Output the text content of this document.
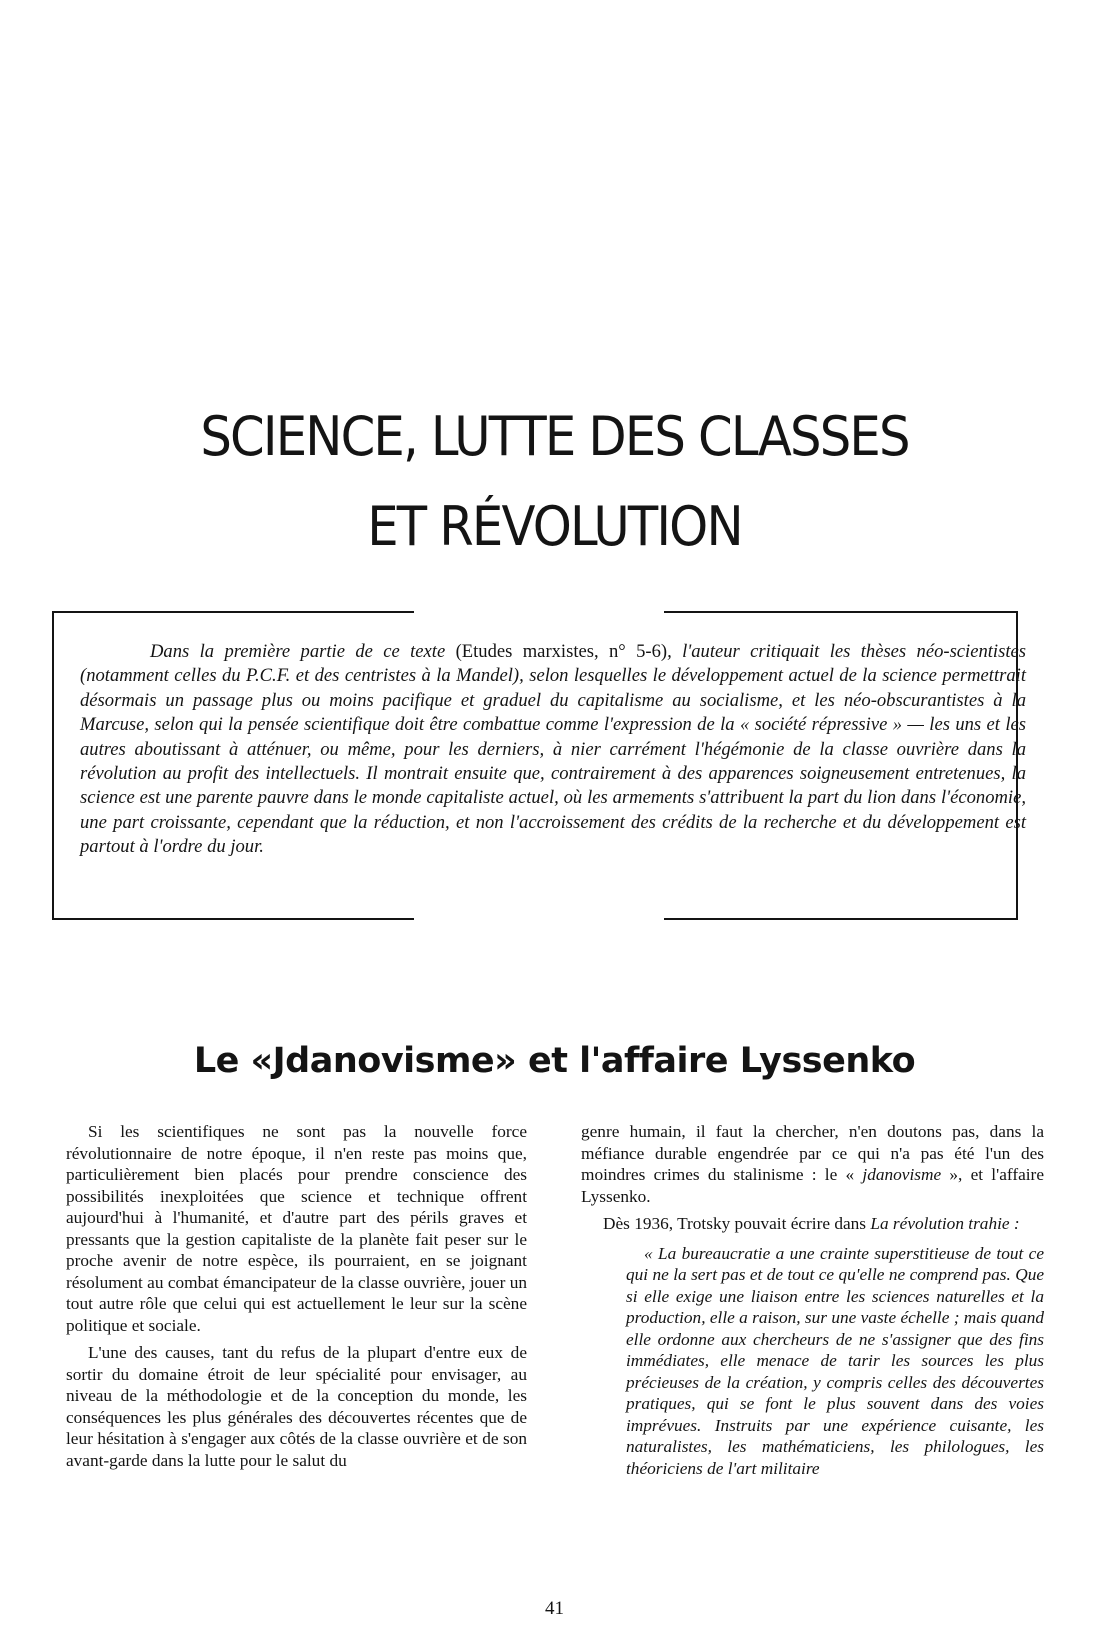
SCIENCE, LUTTE DES CLASSES
ET RÉVOLUTION

Dans la première partie de ce texte (Etudes marxistes, n° 5-6), l'auteur critiquait les thèses néo-scientistes (notamment celles du P.C.F. et des centristes à la Mandel), selon lesquelles le développement actuel de la science permettrait désormais un passage plus ou moins pacifique et graduel du capitalisme au socialisme, et les néo-obscurantistes à la Marcuse, selon qui la pensée scientifique doit être combattue comme l'expression de la « société répressive » — les uns et les autres aboutissant à atténuer, ou même, pour les derniers, à nier carrément l'hégémonie de la classe ouvrière dans la révolution au profit des intellectuels. Il montrait ensuite que, contrairement à des apparences soigneusement entretenues, la science est une parente pauvre dans le monde capitaliste actuel, où les armements s'attribuent la part du lion dans l'économie, une part croissante, cependant que la réduction, et non l'accroissement des crédits de la recherche et du développement est partout à l'ordre du jour.

Le «Jdanovisme» et l'affaire Lyssenko

Si les scientifiques ne sont pas la nouvelle force révolutionnaire de notre époque, il n'en reste pas moins que, particulièrement bien placés pour prendre conscience des possibilités inexploitées que science et technique offrent aujourd'hui à l'humanité, et d'autre part des périls graves et pressants que la gestion capitaliste de la planète fait peser sur le proche avenir de notre espèce, ils pourraient, en se joignant résolument au combat émancipateur de la classe ouvrière, jouer un tout autre rôle que celui qui est actuellement le leur sur la scène politique et sociale.

L'une des causes, tant du refus de la plupart d'entre eux de sortir du domaine étroit de leur spécialité pour envisager, au niveau de la méthodologie et de la conception du monde, les conséquences les plus générales des découvertes récentes que de leur hésitation à s'engager aux côtés de la classe ouvrière et de son avant-garde dans la lutte pour le salut du

genre humain, il faut la chercher, n'en doutons pas, dans la méfiance durable engendrée par ce qui n'a pas été l'un des moindres crimes du stalinisme : le « jdanovisme », et l'affaire Lyssenko.

Dès 1936, Trotsky pouvait écrire dans La révolution trahie :

« La bureaucratie a une crainte superstitieuse de tout ce qui ne la sert pas et de tout ce qu'elle ne comprend pas. Que si elle exige une liaison entre les sciences naturelles et la production, elle a raison, sur une vaste échelle ; mais quand elle ordonne aux chercheurs de ne s'assigner que des fins immédiates, elle menace de tarir les sources les plus précieuses de la création, y compris celles des découvertes pratiques, qui se font le plus souvent dans des voies imprévues. Instruits par une expérience cuisante, les naturalistes, les mathématiciens, les philologues, les théoriciens de l'art militaire

41
